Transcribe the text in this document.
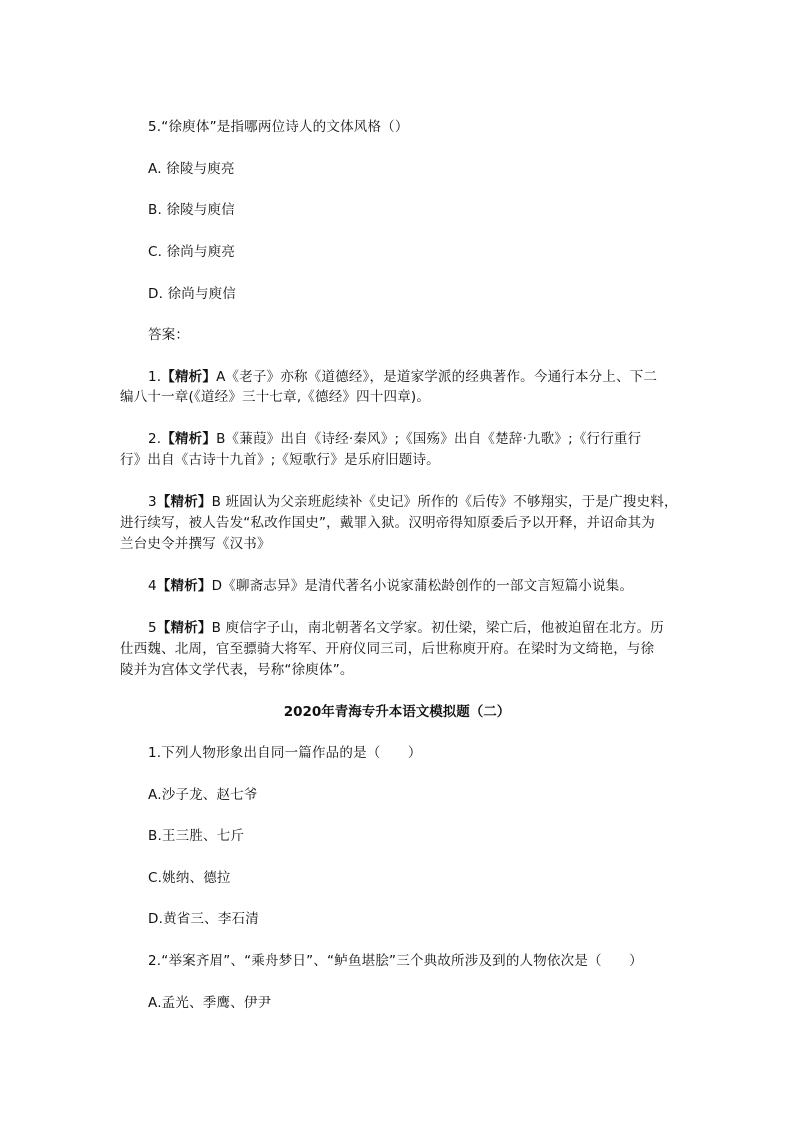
5.“徐庾体”是指哪两位诗人的文体风格（）
A. 徐陵与庾亮
B. 徐陵与庾信
C. 徐尚与庾亮
D. 徐尚与庾信
答案：
1.【精析】A《老子》亦称《道德经》，是道家学派的经典著作。今通行本分上、下二
编八十一章(《道经》三十七章,《德经》四十四章)。
2.【精析】B《蒹葭》出自《诗经·秦风》;《国殇》出自《楚辞·九歌》;《行行重行
行》出自《古诗十九首》;《短歌行》是乐府旧题诗。
3【精析】B 班固认为父亲班彪续补《史记》所作的《后传》不够翔实，于是广搜史料，
进行续写，被人告发“私改作国史”，戴罪入狱。汉明帝得知原委后予以开释，并诏命其为
兰台史令并撰写《汉书》
4【精析】D《聊斋志异》是清代著名小说家蒲松龄创作的一部文言短篇小说集。
5【精析】B 庾信字子山，南北朝著名文学家。初仕梁，梁亡后，他被迫留在北方。历
仕西魏、北周，官至骠骑大将军、开府仪同三司，后世称庾开府。在梁时为文绮艳，与徐
陵并为宫体文学代表，号称“徐庾体”。
2020年青海专升本语文模拟题（二）
1.下列人物形象出自同一篇作品的是（　　）
A.沙子龙、赵七爷
B.王三胜、七斤
C.姚纳、德拉
D.黄省三、李石清
2.“举案齐眉”、“乘舟梦日”、“鲈鱼堪脍”三个典故所涉及到的人物依次是（　　）
A.孟光、季鹰、伊尹
